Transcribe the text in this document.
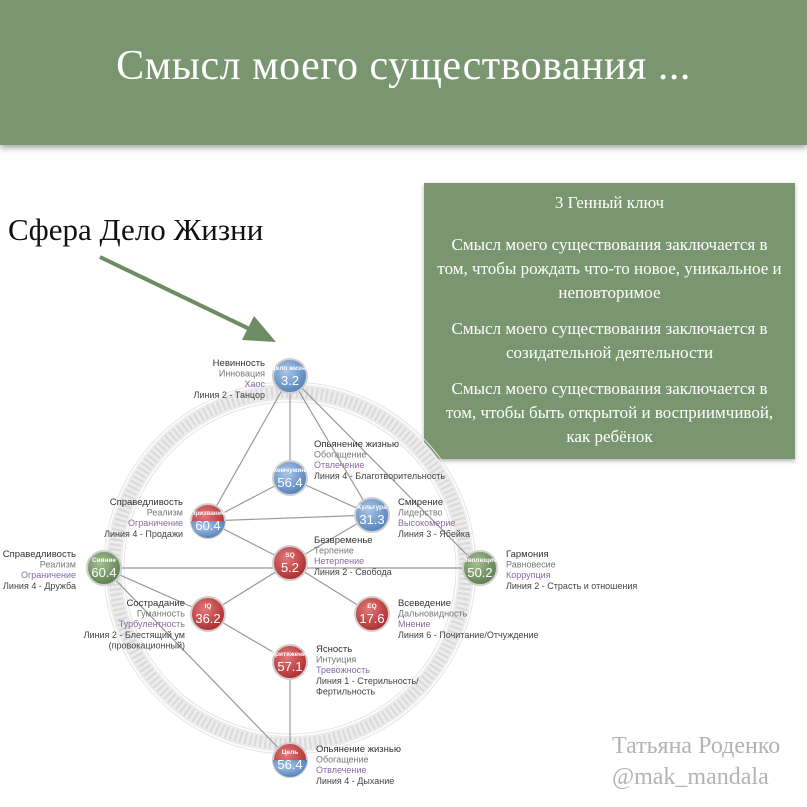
Смысл моего существования ...
Сфера Дело Жизни
3 Генный ключ
Смысл моего существования заключается в том, чтобы рождать что-то новое, уникальное и неповторимое
Смысл моего существования заключается в созидательной деятельности
Смысл моего существования заключается в том, чтобы быть открытой и восприимчивой, как ребёнок
Дело жизни
3.2
Жемчужина
56.4
Призвание
60.4
Культура
31.3
Сияние
60.4
SQ
5.2	Эволюция
50.2
IQ
36.2
EQ
17.6
Притяжение
57.1
Цель
56.4
Невинность
Инновация
Хаос
Линия 2 - Танцор
Опьянение жизнью
Обогащение
Отвлечение
Линия 4 - Благотворительность
Справедливость
Реализм
Ограничение
Линия 4 - Продажи
Смирение
Лидерство
Высокомерие
Линия 3 - Ябейка
Справедливость
Реализм
Ограничение
Линия 4 - Дружба
Безвременье
Терпение
Нетерпение
Линия 2 - Свобода
Гармония
Равновесие
Коррупция
Линия 2 - Страсть и отношения
Сострадание
Гуманность
Турбулентность
Линия 2 - Блестящий ум
(провокационный)
Всеведение
Дальновидность
Мнение
Линия 6 - Почитание/Отчуждение
Ясность
Интуиция
Тревожность
Линия 1 - Стерильность/
Фертильность
Опьянение жизнью
Обогащение
Отвлечение
Линия 4 - Дыхание
Татьяна Роденко
@mak_mandala
